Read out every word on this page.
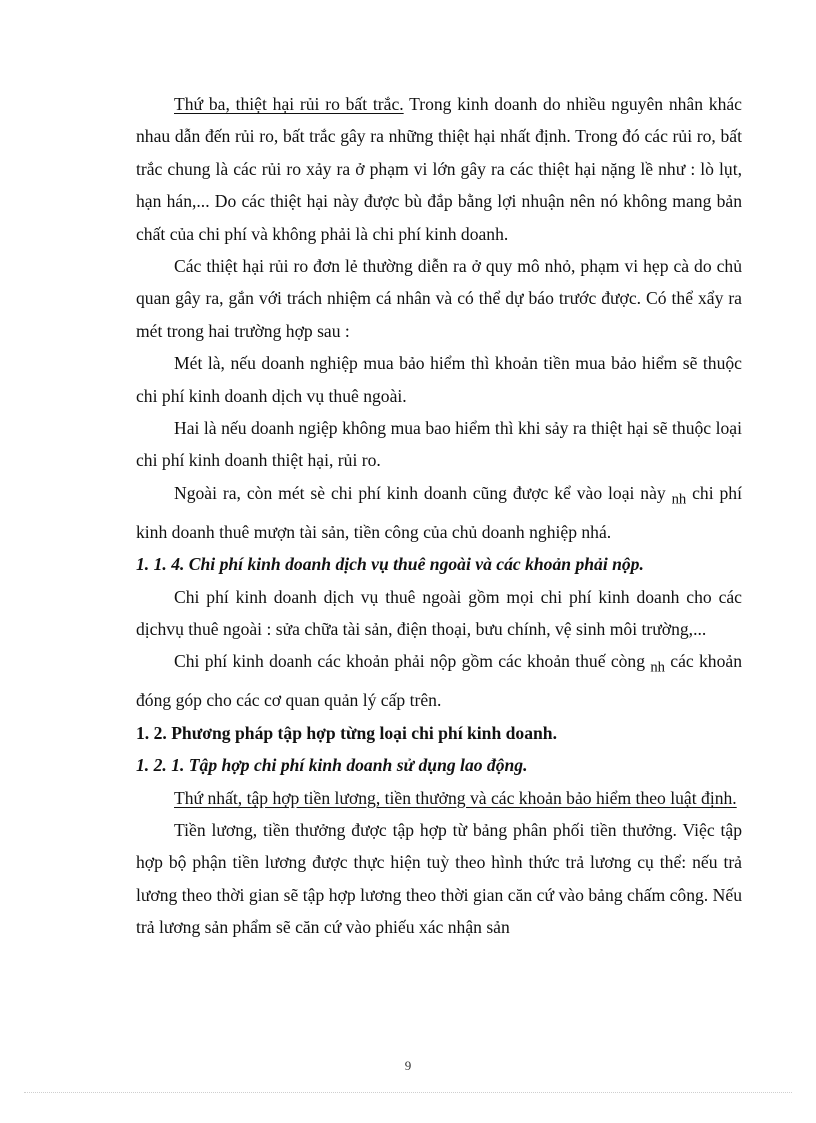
Thứ ba, thiệt hại rủi ro bất trắc. Trong kinh doanh do nhiều nguyên nhân khác nhau dẫn đến rủi ro, bất trắc gây ra những thiệt hại nhất định. Trong đó các rủi ro, bất trắc chung là các rủi ro xảy ra ở phạm vi lớn gây ra các thiệt hại nặng lề như : lò lụt, hạn hán,... Do các thiệt hại này được bù đắp bằng lợi nhuận nên nó không mang bản chất của chi phí và không phải là chi phí kinh doanh.

Các thiệt hại rủi ro đơn lẻ thường diễn ra ở quy mô nhỏ, phạm vi hẹp cà do chủ quan gây ra, gắn với trách nhiệm cá nhân và có thể dự báo trước được. Có thể xẩy ra mét trong hai trường hợp sau :

Mét là, nếu doanh nghiệp mua bảo hiểm thì khoản tiền mua bảo hiểm sẽ thuộc chi phí kinh doanh dịch vụ thuê ngoài.

Hai là nếu doanh ngiệp không mua bao hiểm thì khi sảy ra thiệt hại sẽ thuộc loại chi phí kinh doanh thiệt hại, rủi ro.

Ngoài ra, còn mét sè chi phí kinh doanh cũng được kể vào loại này $_{nh}$ chi phí kinh doanh thuê mượn tài sản, tiền công của chủ doanh nghiệp nhá.

1. 1. 4. Chi phí kinh doanh dịch vụ thuê ngoài và các khoản phải nộp.

Chi phí kinh doanh dịch vụ thuê ngoài gồm mọi chi phí kinh doanh cho các dịchvụ thuê ngoài : sửa chữa tài sản, điện thoại, bưu chính, vệ sinh môi trường,...

Chi phí kinh doanh các khoản phải nộp gồm các khoản thuế còng $_{nh}$ các khoản đóng góp cho các cơ quan quản lý cấp trên.

1. 2. Phương pháp tập hợp từng loại chi phí kinh doanh.

1. 2. 1. Tập hợp chi phí kinh doanh sử dụng lao động.

Thứ nhất, tập hợp tiền lương, tiền thưởng và các khoản bảo hiểm theo luật định.

Tiền lương, tiền thưởng được tập hợp từ bảng phân phối tiền thưởng. Việc tập hợp bộ phận tiền lương được thực hiện tuỳ theo hình thức trả lương cụ thể: nếu trả lương theo thời gian sẽ tập hợp lương theo thời gian căn cứ vào bảng chấm công. Nếu trả lương sản phẩm sẽ căn cứ vào phiếu xác nhận sản

9
